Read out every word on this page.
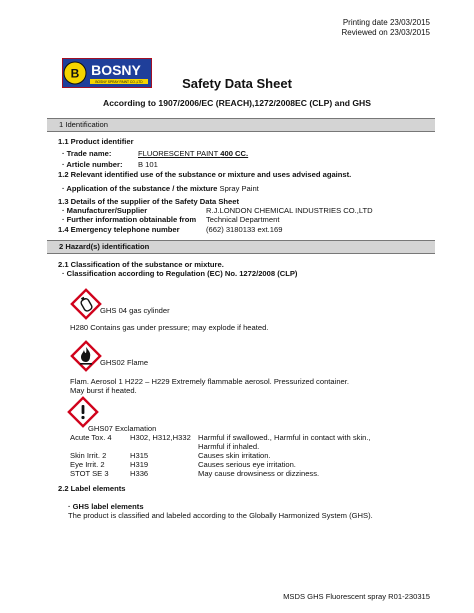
Printing date 23/03/2015
Reviewed on 23/03/2015
B BOSNY
BOSNY SPRAY PAINT CO.,LTD	Safety Data Sheet
According to 1907/2006/EC (REACH),1272/2008EC (CLP) and GHS
1 Identification
1.1 Product identifier
· Trade name:	FLUORESCENT PAINT 400 CC.
· Article number: B 101
1.2 Relevant identified use of the substance or mixture and uses advised against.
· Application of the substance / the mixture Spray Paint
1.3 Details of the supplier of the Safety Data Sheet
· Manufacturer/Supplier	R.J.LONDON CHEMICAL INDUSTRIES CO.,LTD
· Further information obtainable from Technical Department
1.4 Emergency telephone number	(662) 3180133 ext.169
2 Hazard(s) identification
2.1 Classification of the substance or mixture.
· Classification according to Regulation (EC) No. 1272/2008 (CLP)
GHS 04 gas cylinder
H280 Contains gas under pressure; may explode if heated.
GHS02 Flame
Flam. Aerosol 1 H222 – H229 Extremely flammable aerosol. Pressurized container.
May burst if heated.
GHS07 Exclamation
Acute Tox. 4 H302, H312,H332 Harmful if swallowed., Harmful in contact with skin.,
Harmful if inhaled.
Skin Irrit. 2	H315	Causes skin irritation.
Eye Irrit. 2	H319	Causes serious eye irritation.
STOT SE 3	H336	May cause drowsiness or dizziness.
2.2 Label elements
· GHS label elements
The product is classified and labeled according to the Globally Harmonized System (GHS).
MSDS GHS Fluorescent spray R01-230315
